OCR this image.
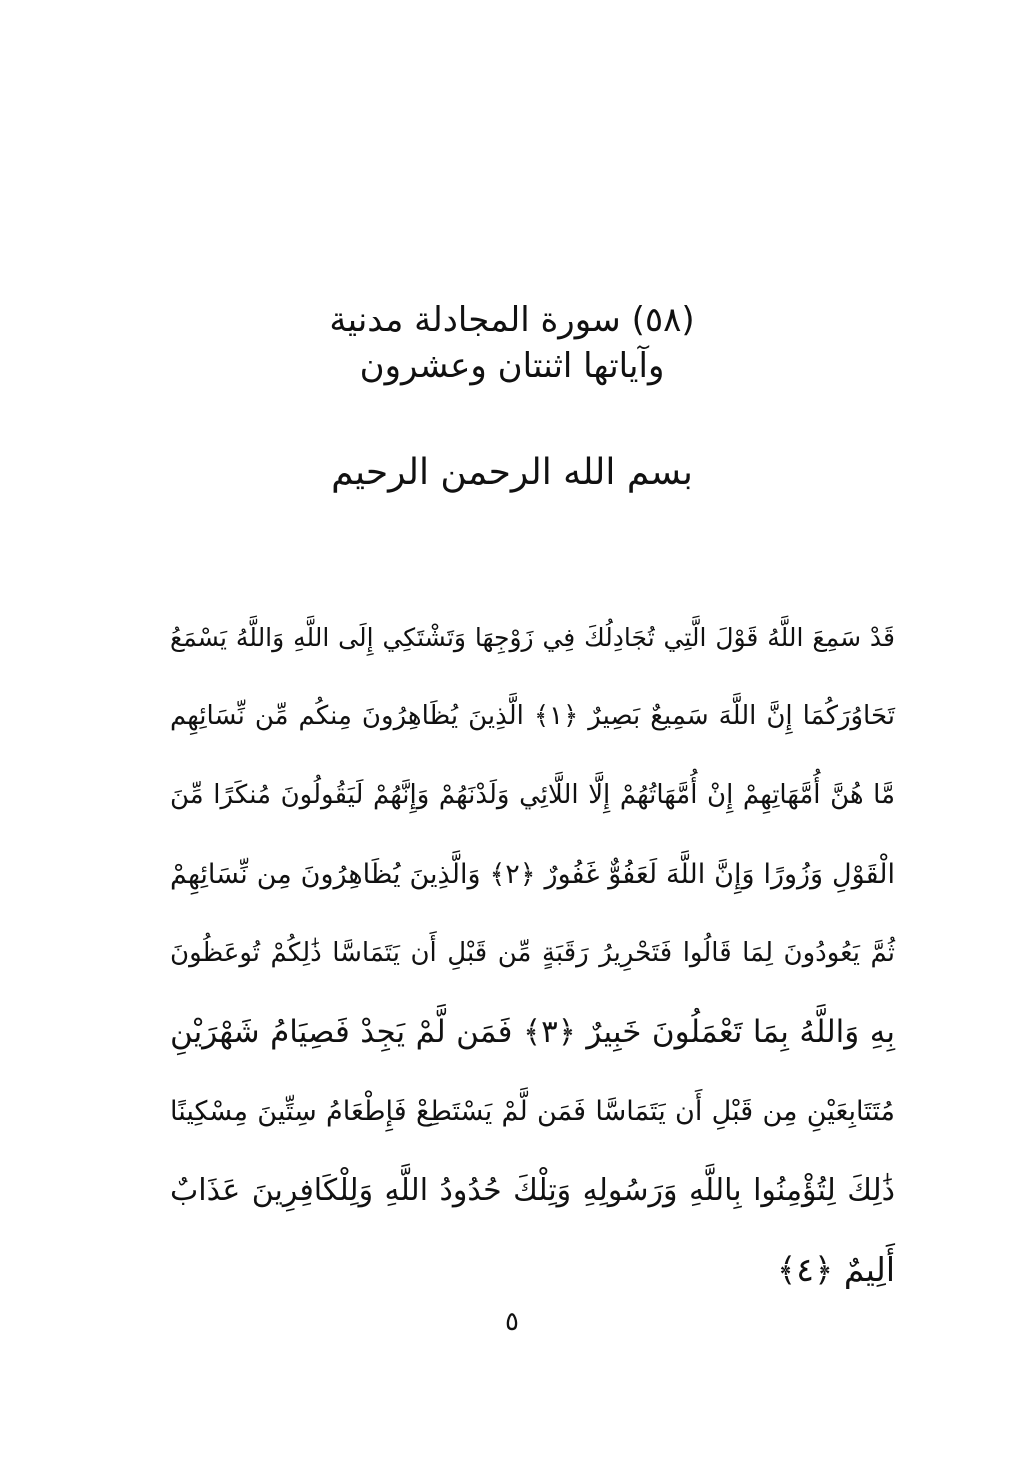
(٥٨) سورة المجادلة مدنية
وآياتها اثنتان وعشرون
بسم الله الرحمن الرحيم
قَدْ سَمِعَ اللَّهُ قَوْلَ الَّتِي تُجَادِلُكَ فِي زَوْجِهَا وَتَشْتَكِي إِلَى اللَّهِ وَاللَّهُ يَسْمَعُ
تَحَاوُرَكُمَا إِنَّ اللَّهَ سَمِيعٌ بَصِيرٌ ﴿١﴾ الَّذِينَ يُظَاهِرُونَ مِنكُم مِّن نِّسَائِهِم
مَّا هُنَّ أُمَّهَاتِهِمْ إِنْ أُمَّهَاتُهُمْ إِلَّا اللَّائِي وَلَدْنَهُمْ وَإِنَّهُمْ لَيَقُولُونَ مُنكَرًا مِّنَ
الْقَوْلِ وَزُورًا وَإِنَّ اللَّهَ لَعَفُوٌّ غَفُورٌ ﴿٢﴾ وَالَّذِينَ يُظَاهِرُونَ مِن نِّسَائِهِمْ
ثُمَّ يَعُودُونَ لِمَا قَالُوا فَتَحْرِيرُ رَقَبَةٍ مِّن قَبْلِ أَن يَتَمَاسَّا ذَٰلِكُمْ تُوعَظُونَ
بِهِ وَاللَّهُ بِمَا تَعْمَلُونَ خَبِيرٌ ﴿٣﴾ فَمَن لَّمْ يَجِدْ فَصِيَامُ شَهْرَيْنِ
مُتَتَابِعَيْنِ مِن قَبْلِ أَن يَتَمَاسَّا فَمَن لَّمْ يَسْتَطِعْ فَإِطْعَامُ سِتِّينَ مِسْكِينًا
ذَٰلِكَ لِتُؤْمِنُوا بِاللَّهِ وَرَسُولِهِ وَتِلْكَ حُدُودُ اللَّهِ وَلِلْكَافِرِينَ عَذَابٌ
أَلِيمٌ ﴿٤﴾
٥
